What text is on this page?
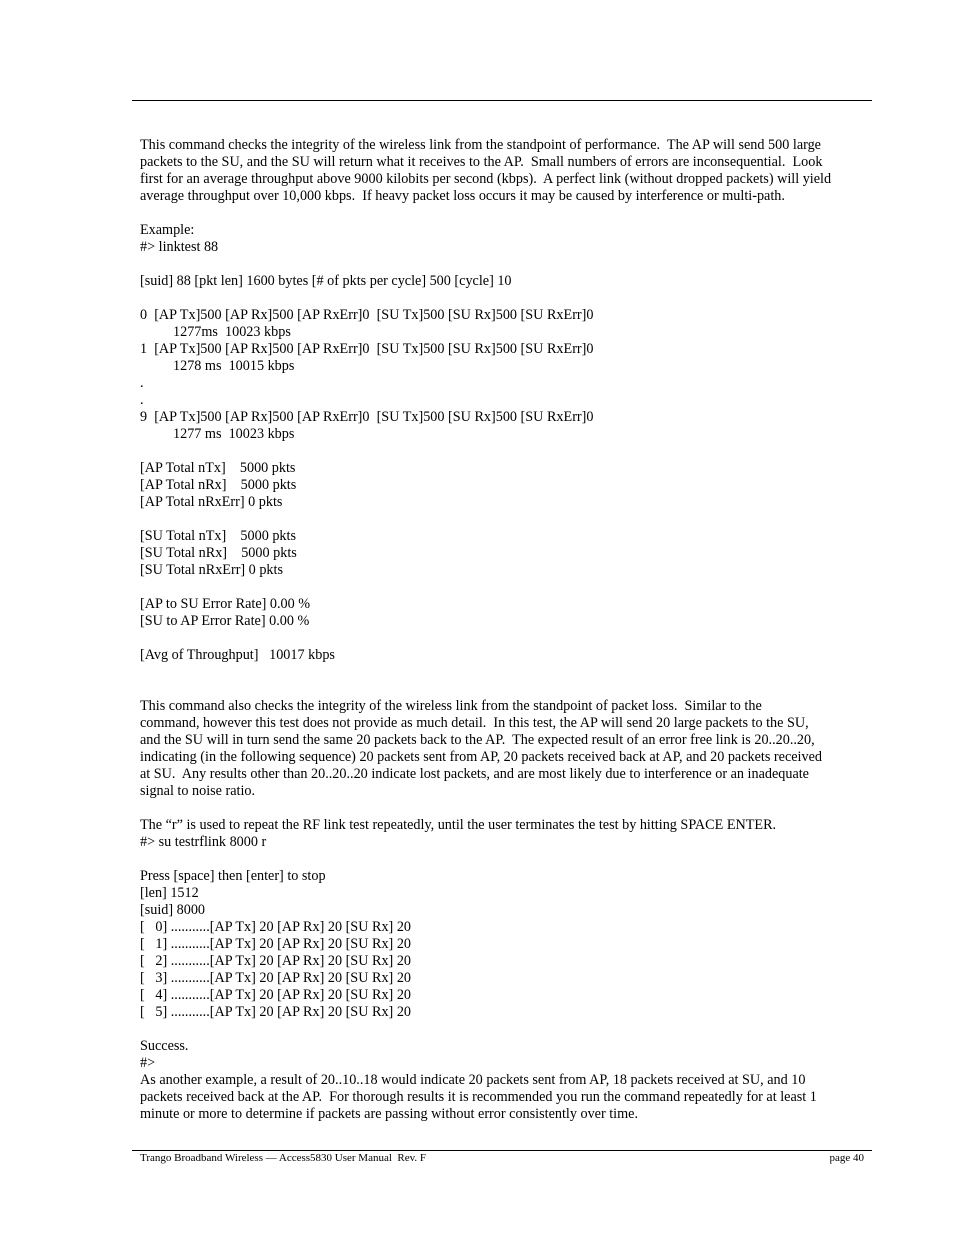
This command checks the integrity of the wireless link from the standpoint of performance.  The AP will send 500 large
packets to the SU, and the SU will return what it receives to the AP.  Small numbers of errors are inconsequential.  Look
first for an average throughput above 9000 kilobits per second (kbps).  A perfect link (without dropped packets) will yield
average throughput over 10,000 kbps.  If heavy packet loss occurs it may be caused by interference or multi-path.
Example:
#> linktest 88
[suid] 88 [pkt len] 1600 bytes [# of pkts per cycle] 500 [cycle] 10
0  [AP Tx]500 [AP Rx]500 [AP RxErr]0  [SU Tx]500 [SU Rx]500 [SU RxErr]0
1277ms  10023 kbps
1  [AP Tx]500 [AP Rx]500 [AP RxErr]0  [SU Tx]500 [SU Rx]500 [SU RxErr]0
1278 ms  10015 kbps
.
.
9  [AP Tx]500 [AP Rx]500 [AP RxErr]0  [SU Tx]500 [SU Rx]500 [SU RxErr]0
1277 ms  10023 kbps
[AP Total nTx]    5000 pkts
[AP Total nRx]    5000 pkts
[AP Total nRxErr] 0 pkts
[SU Total nTx]    5000 pkts
[SU Total nRx]    5000 pkts
[SU Total nRxErr] 0 pkts
[AP to SU Error Rate] 0.00 %
[SU to AP Error Rate] 0.00 %
[Avg of Throughput]   10017 kbps
This command also checks the integrity of the wireless link from the standpoint of packet loss.  Similar to the
command, however this test does not provide as much detail.  In this test, the AP will send 20 large packets to the SU,
and the SU will in turn send the same 20 packets back to the AP.  The expected result of an error free link is 20..20..20,
indicating (in the following sequence) 20 packets sent from AP, 20 packets received back at AP, and 20 packets received
at SU.  Any results other than 20..20..20 indicate lost packets, and are most likely due to interference or an inadequate
signal to noise ratio.
The “r” is used to repeat the RF link test repeatedly, until the user terminates the test by hitting SPACE ENTER.
#> su testrflink 8000 r
Press [space] then [enter] to stop
[len] 1512
[suid] 8000
[   0] ...........[AP Tx] 20 [AP Rx] 20 [SU Rx] 20
[   1] ...........[AP Tx] 20 [AP Rx] 20 [SU Rx] 20
[   2] ...........[AP Tx] 20 [AP Rx] 20 [SU Rx] 20
[   3] ...........[AP Tx] 20 [AP Rx] 20 [SU Rx] 20
[   4] ...........[AP Tx] 20 [AP Rx] 20 [SU Rx] 20
[   5] ...........[AP Tx] 20 [AP Rx] 20 [SU Rx] 20
Success.
#>
As another example, a result of 20..10..18 would indicate 20 packets sent from AP, 18 packets received at SU, and 10
packets received back at the AP.  For thorough results it is recommended you run the command repeatedly for at least 1
minute or more to determine if packets are passing without error consistently over time.
Trango Broadband Wireless — Access5830 User Manual  Rev. F	page 40
